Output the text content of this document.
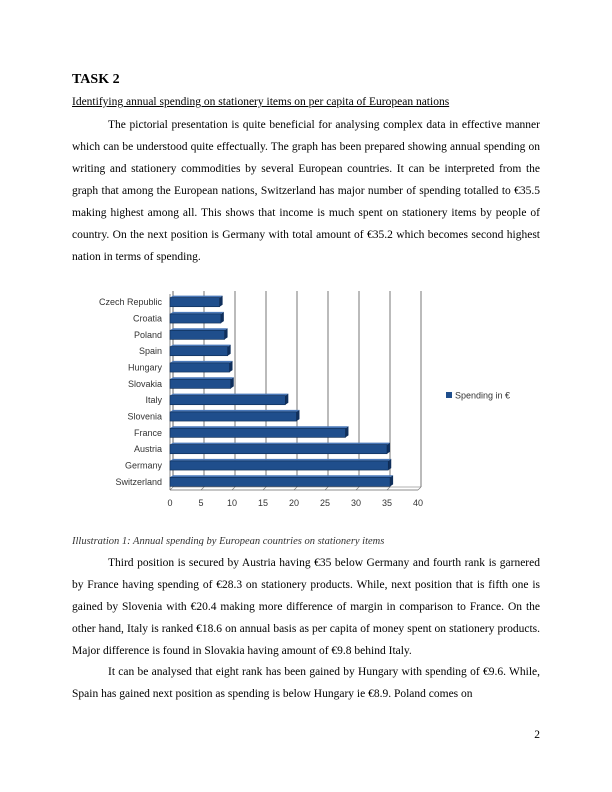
TASK 2

Identifying annual spending on stationery items on per capita of European nations

The pictorial presentation is quite beneficial for analysing complex data in effective manner which can be understood quite effectually. The graph has been prepared showing annual spending on writing and stationery commodities by several European countries. It can be interpreted from the graph that among the European nations, Switzerland has major number of spending totalled to €35.5 making highest among all. This shows that income is much spent on stationery items by people of country. On the next position is Germany with total amount of €35.2 which becomes second highest nation in terms of spending.

0	5	10 15 20 25 30 35 40
Czech Republic
Croatia
Poland
Spain
Hungary
Slovakia
Italy
Slovenia
France
Austria
Germany
Switzerland
Spending in €

Illustration 1: Annual spending by European countries on stationery items

Third position is secured by Austria having €35 below Germany and fourth rank is garnered by France having spending of €28.3 on stationery products. While, next position that is fifth one is gained by Slovenia with €20.4 making more difference of margin in comparison to France. On the other hand, Italy is ranked €18.6 on annual basis as per capita of money spent on stationery products. Major difference is found in Slovakia having amount of €9.8 behind Italy.

It can be analysed that eight rank has been gained by Hungary with spending of €9.6. While, Spain has gained next position as spending is below Hungary ie €8.9. Poland comes on

2
